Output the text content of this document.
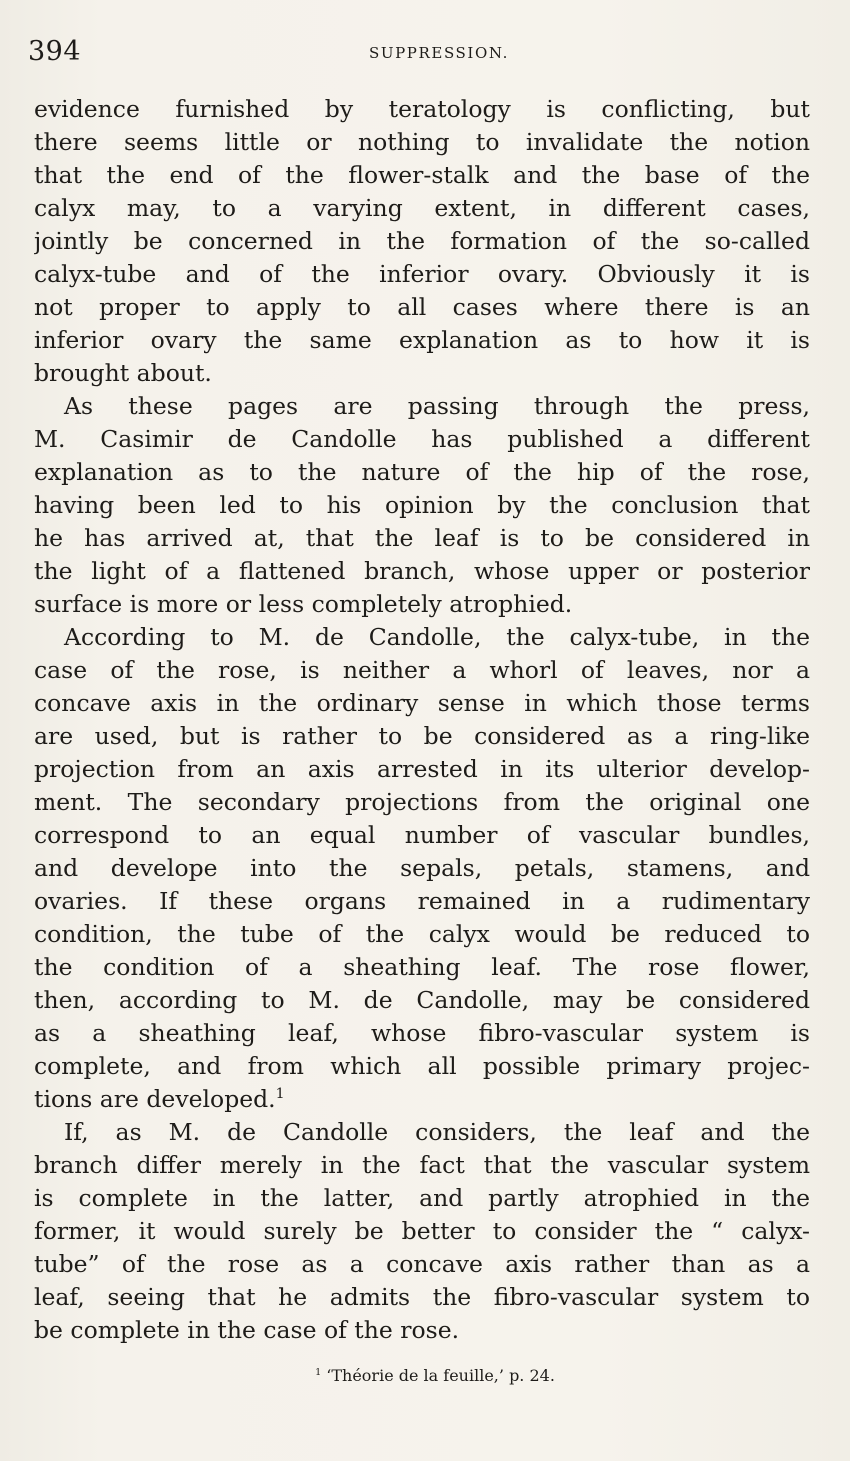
394	SUPPRESSION.
evidence furnished by teratology is conflicting, but
there seems little or nothing to invalidate the notion
that the end of the flower-stalk and the base of the
calyx may, to a varying extent, in different cases,
jointly be concerned in the formation of the so-called
calyx-tube and of the inferior ovary. Obviously it is
not proper to apply to all cases where there is an
inferior ovary the same explanation as to how it is
brought about.
As these pages are passing through the press,
M. Casimir de Candolle has published a different
explanation as to the nature of the hip of the rose,
having been led to his opinion by the conclusion that
he has arrived at, that the leaf is to be considered in
the light of a flattened branch, whose upper or posterior
surface is more or less completely atrophied.
According to M. de Candolle, the calyx-tube, in the
case of the rose, is neither a whorl of leaves, nor a
concave axis in the ordinary sense in which those terms
are used, but is rather to be considered as a ring-like
projection from an axis arrested in its ulterior develop-
ment. The secondary projections from the original one
correspond to an equal number of vascular bundles,
and develope into the sepals, petals, stamens, and
ovaries. If these organs remained in a rudimentary
condition, the tube of the calyx would be reduced to
the condition of a sheathing leaf. The rose flower,
then, according to M. de Candolle, may be considered
as a sheathing leaf, whose fibro-vascular system is
complete, and from which all possible primary projec-
tions are developed.$^1$
If, as M. de Candolle considers, the leaf and the
branch differ merely in the fact that the vascular system
is complete in the latter, and partly atrophied in the
former, it would surely be better to consider the “ calyx-
tube” of the rose as a concave axis rather than as a
leaf, seeing that he admits the fibro-vascular system to
be complete in the case of the rose.
$^1$ ‘Théorie de la feuille,’ p. 24.
